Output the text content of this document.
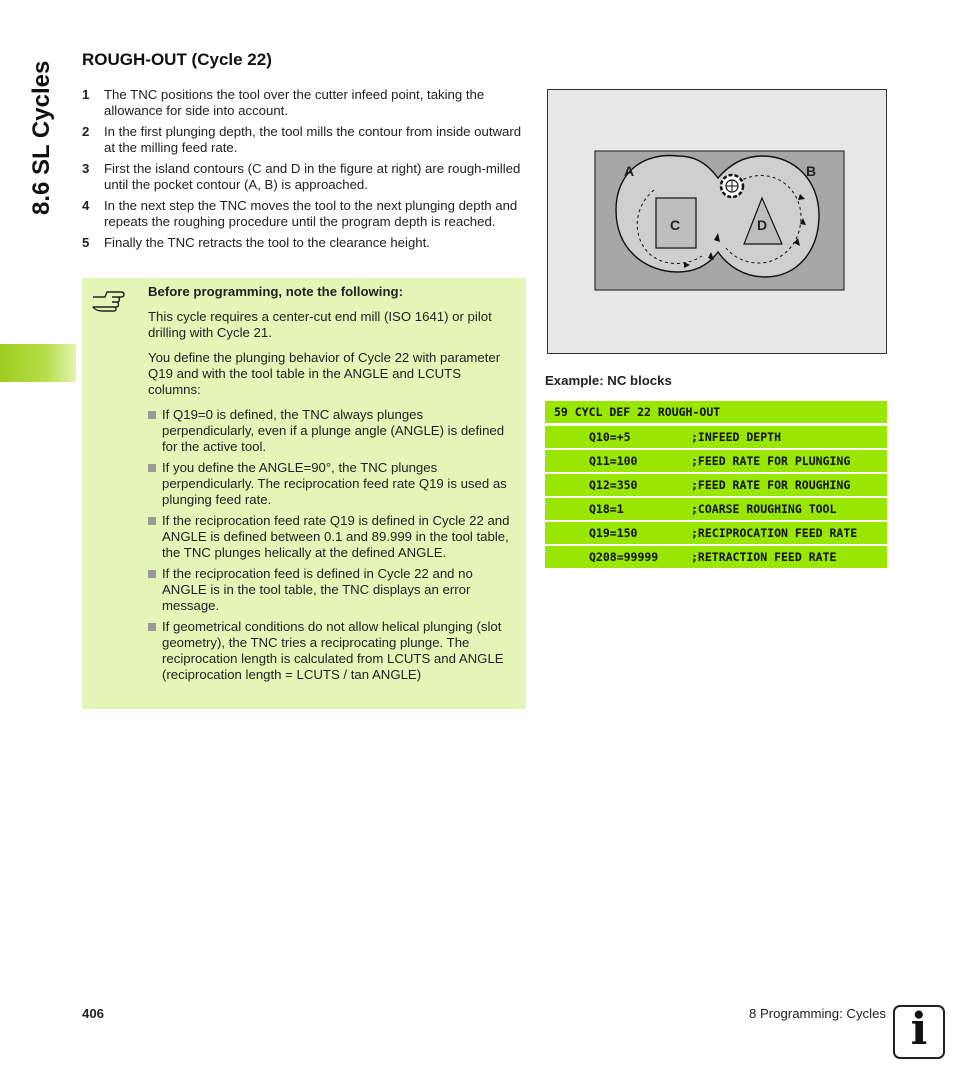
8.6 SL Cycles
ROUGH-OUT (Cycle 22)
1 The TNC positions the tool over the cutter infeed point, taking the allowance for side into account.
2 In the first plunging depth, the tool mills the contour from inside outward at the milling feed rate.
3 First the island contours (C and D in the figure at right) are rough-milled until the pocket contour (A, B) is approached.
4 In the next step the TNC moves the tool to the next plunging depth and repeats the roughing procedure until the program depth is reached.
5 Finally the TNC retracts the tool to the clearance height.

Before programming, note the following:

This cycle requires a center-cut end mill (ISO 1641) or pilot drilling with Cycle 21.

You define the plunging behavior of Cycle 22 with parameter Q19 and with the tool table in the ANGLE and LCUTS columns:

If Q19=0 is defined, the TNC always plunges perpendicularly, even if a plunge angle (ANGLE) is defined for the active tool.
If you define the ANGLE=90°, the TNC plunges perpendicularly. The reciprocation feed rate Q19 is used as plunging feed rate.
If the reciprocation feed rate Q19 is defined in Cycle 22 and ANGLE is defined between 0.1 and 89.999 in the tool table, the TNC plunges helically at the defined ANGLE.
If the reciprocation feed is defined in Cycle 22 and no ANGLE is in the tool table, the TNC displays an error message.
If geometrical conditions do not allow helical plunging (slot geometry), the TNC tries a reciprocating plunge. The reciprocation length is calculated from LCUTS and ANGLE (reciprocation length = LCUTS / tan ANGLE)
A	B
C	D
Example: NC blocks
59 CYCL DEF 22 ROUGH-OUT
Q10=+5	;INFEED DEPTH
Q11=100	;FEED RATE FOR PLUNGING
Q12=350	;FEED RATE FOR ROUGHING
Q18=1	;COARSE ROUGHING TOOL
Q19=150	;RECIPROCATION FEED RATE
Q208=99999	;RETRACTION FEED RATE
406	8 Programming: Cycles i
